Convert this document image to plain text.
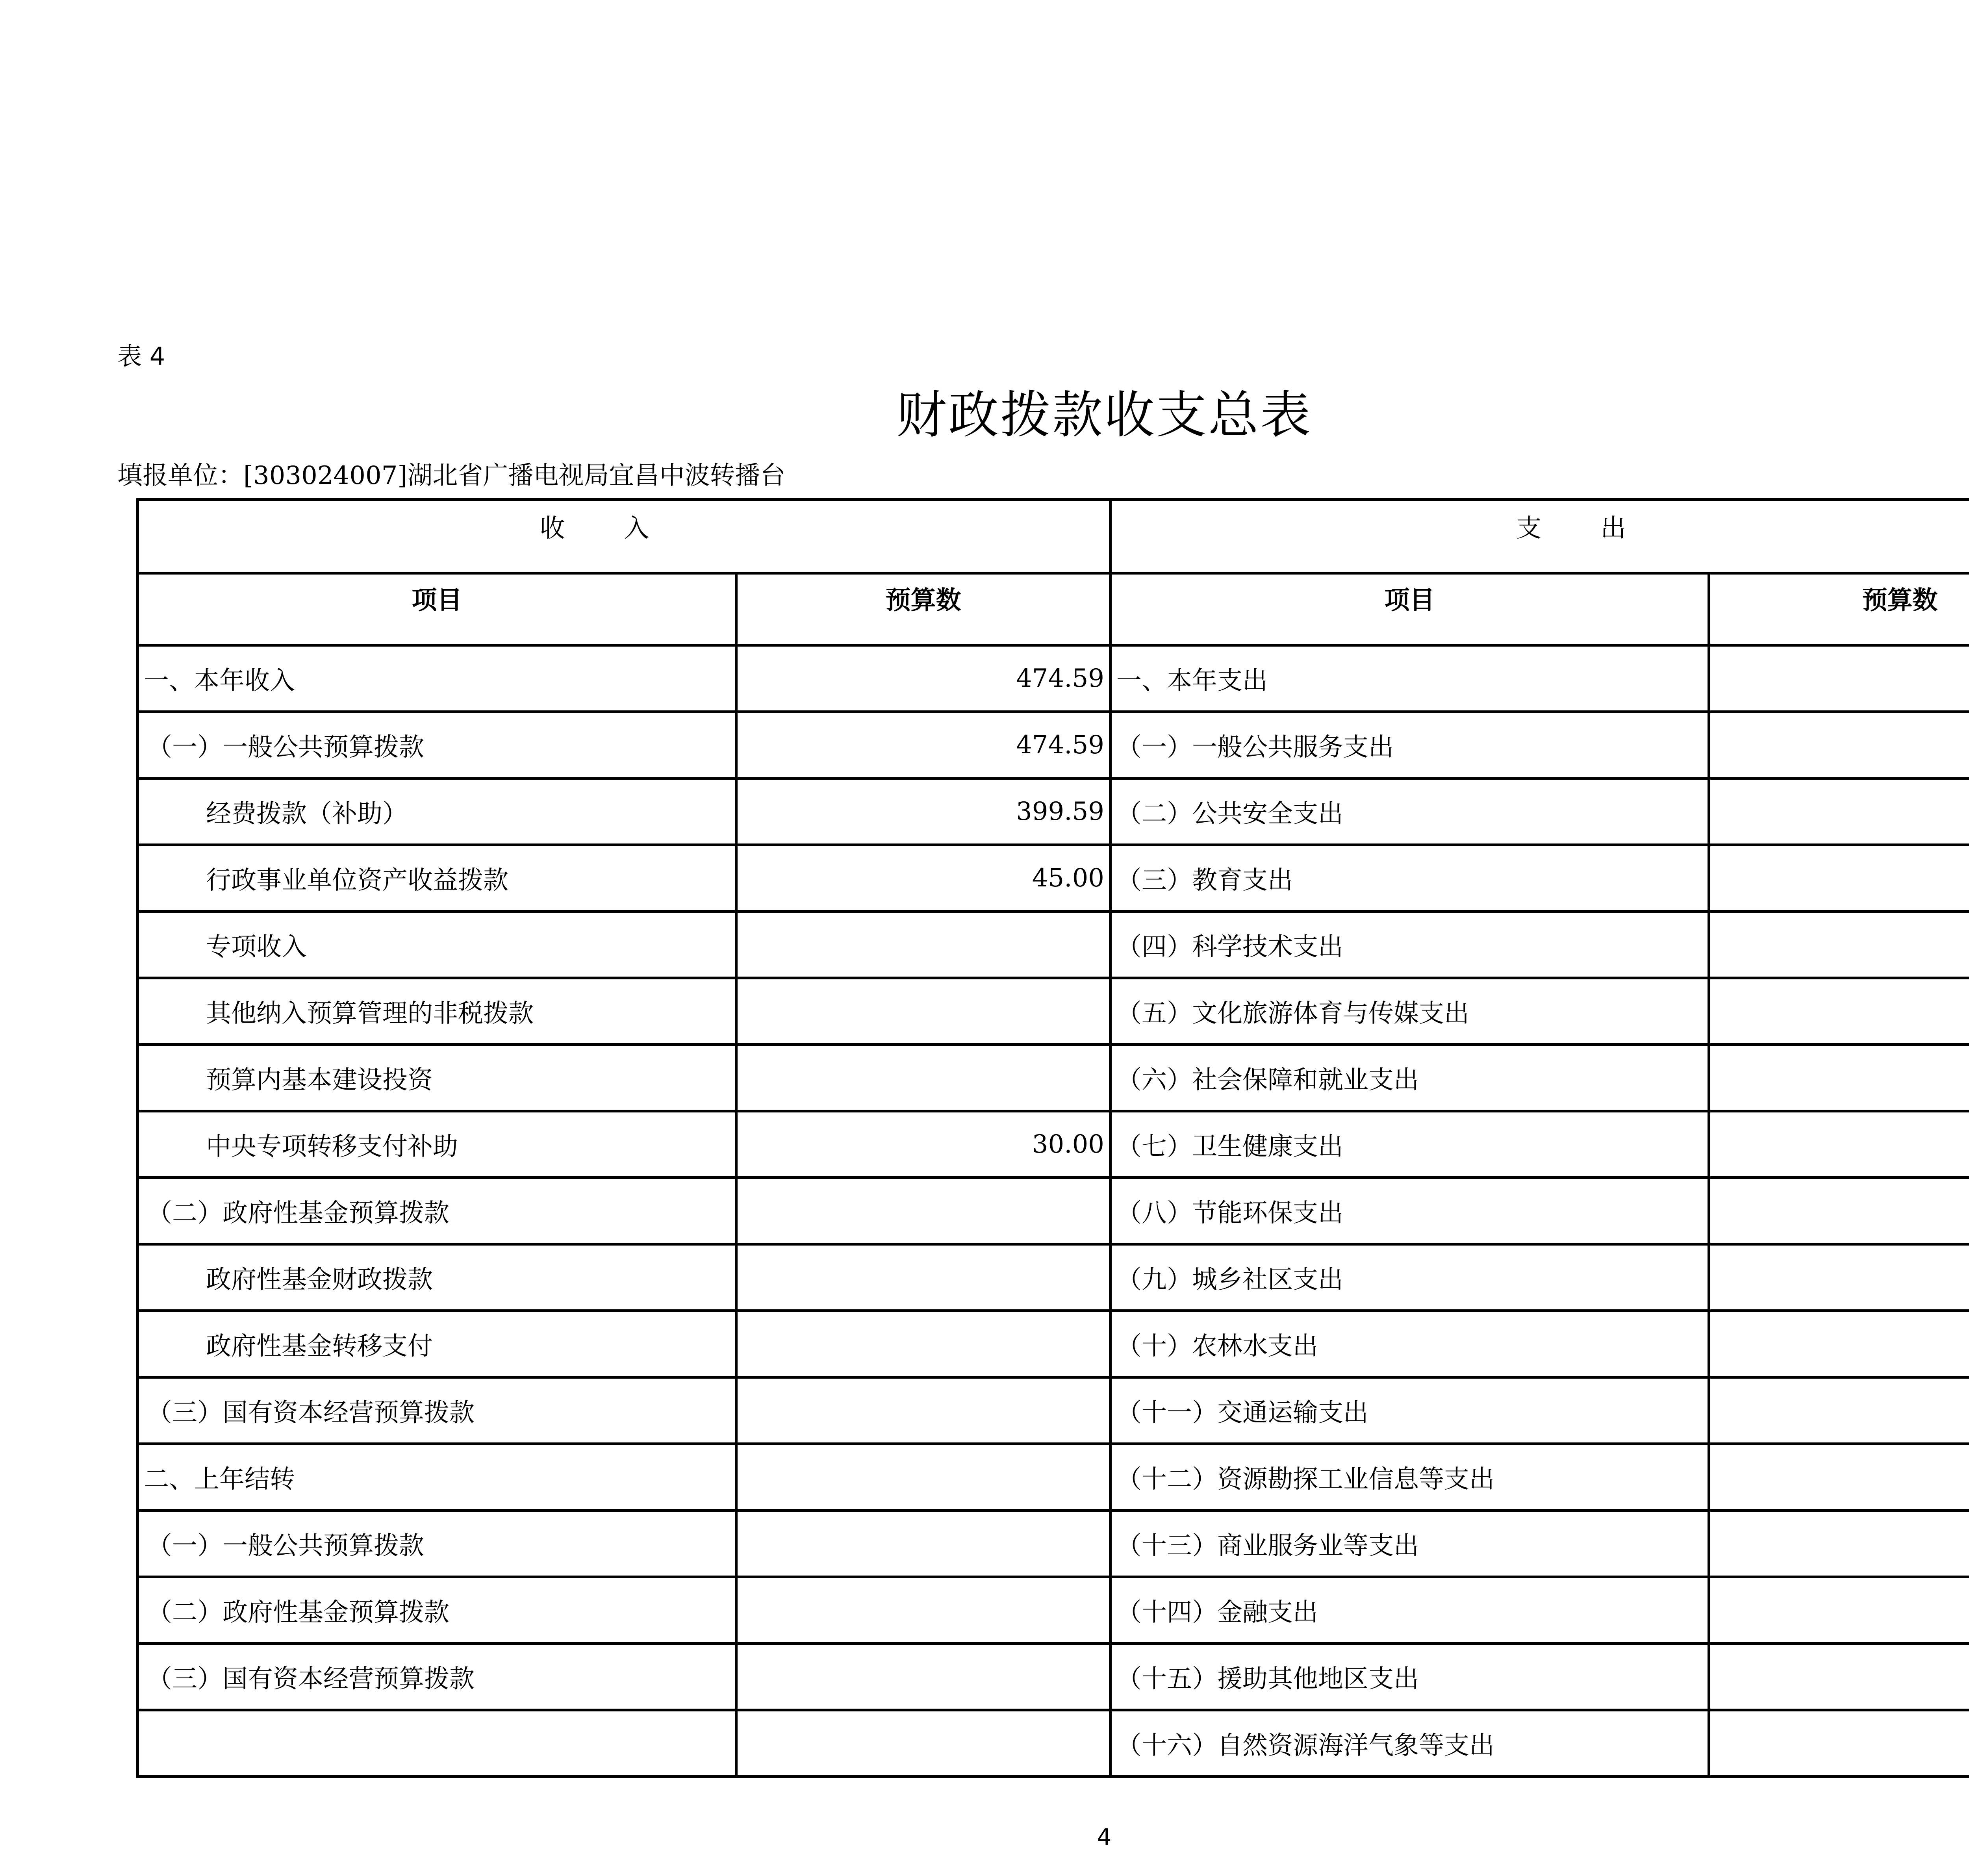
表 4
财政拨款收支总表
填报单位：[303024007]湖北省广播电视局宜昌中波转播台
收入		支出	
项目	预算数	项目	预算数
一、本年收入	474.59	一、本年支出	
（一）一般公共预算拨款	474.59	（一）一般公共服务支出	
经费拨款（补助）	399.59	（二）公共安全支出	
行政事业单位资产收益拨款	45.00	（三）教育支出	
专项收入		（四）科学技术支出	
其他纳入预算管理的非税拨款		（五）文化旅游体育与传媒支出	
预算内基本建设投资		（六）社会保障和就业支出	
中央专项转移支付补助	30.00	（七）卫生健康支出	
（二）政府性基金预算拨款		（八）节能环保支出	
政府性基金财政拨款		（九）城乡社区支出	
政府性基金转移支付		（十）农林水支出	
（三）国有资本经营预算拨款		（十一）交通运输支出	
二、上年结转		（十二）资源勘探工业信息等支出	
（一）一般公共预算拨款		（十三）商业服务业等支出	
（二）政府性基金预算拨款		（十四）金融支出	
（三）国有资本经营预算拨款		（十五）援助其他地区支出	
		（十六）自然资源海洋气象等支出	
4
